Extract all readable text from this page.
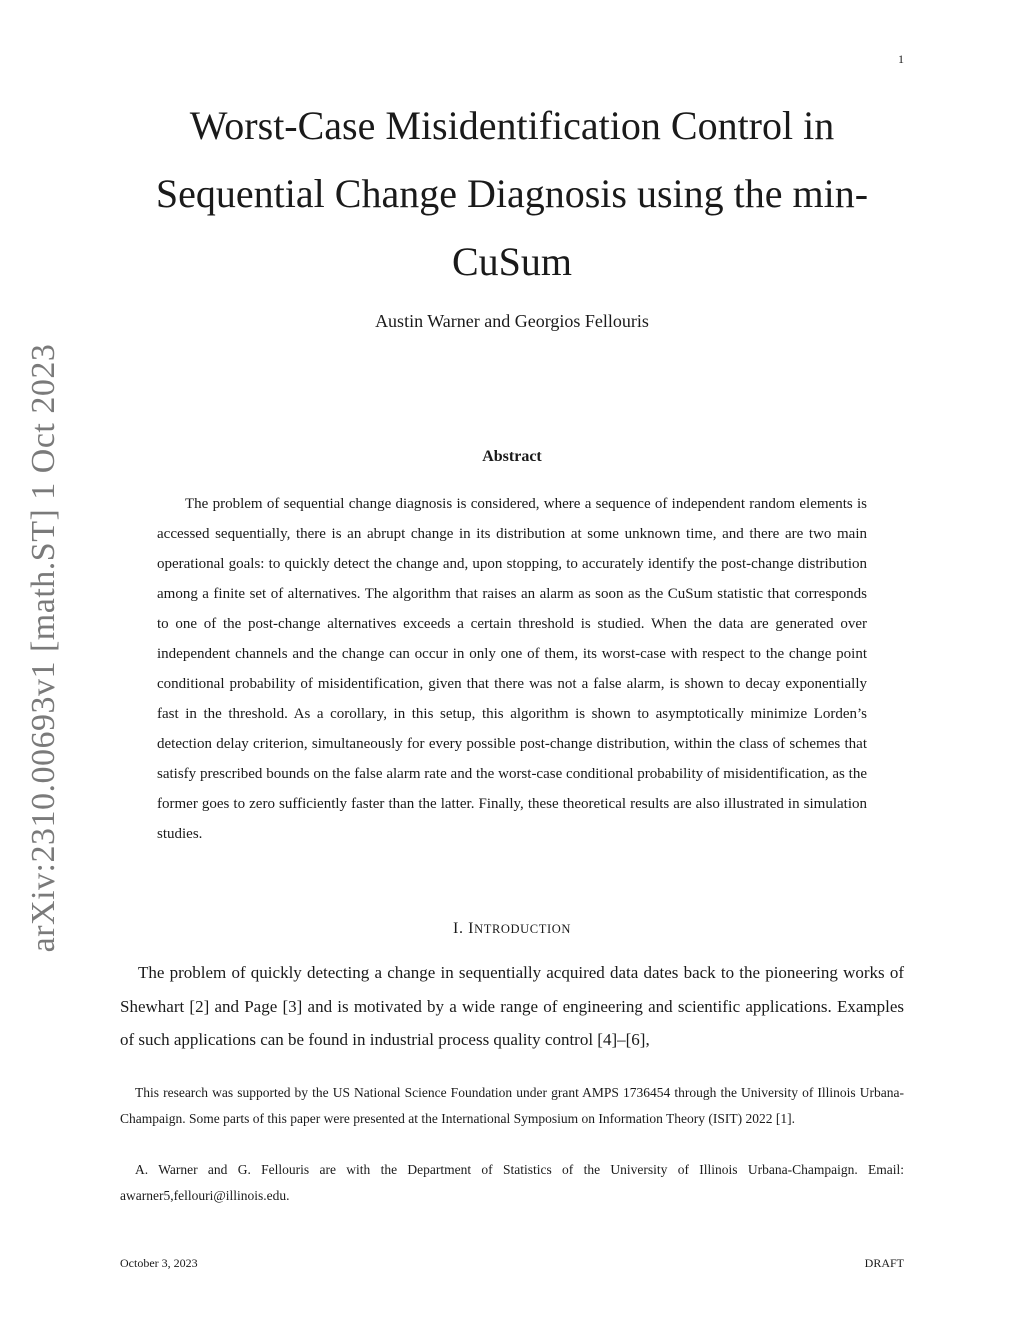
1
arXiv:2310.00693v1 [math.ST] 1 Oct 2023
Worst-Case Misidentification Control in Sequential Change Diagnosis using the min-CuSum
Austin Warner and Georgios Fellouris
Abstract

The problem of sequential change diagnosis is considered, where a sequence of independent random elements is accessed sequentially, there is an abrupt change in its distribution at some unknown time, and there are two main operational goals: to quickly detect the change and, upon stopping, to accurately identify the post-change distribution among a finite set of alternatives. The algorithm that raises an alarm as soon as the CuSum statistic that corresponds to one of the post-change alternatives exceeds a certain threshold is studied. When the data are generated over independent channels and the change can occur in only one of them, its worst-case with respect to the change point conditional probability of misidentification, given that there was not a false alarm, is shown to decay exponentially fast in the threshold. As a corollary, in this setup, this algorithm is shown to asymptotically minimize Lorden’s detection delay criterion, simultaneously for every possible post-change distribution, within the class of schemes that satisfy prescribed bounds on the false alarm rate and the worst-case conditional probability of misidentification, as the former goes to zero sufficiently faster than the latter. Finally, these theoretical results are also illustrated in simulation studies.

I. INTRODUCTION

The problem of quickly detecting a change in sequentially acquired data dates back to the pioneering works of Shewhart [2] and Page [3] and is motivated by a wide range of engineering and scientific applications. Examples of such applications can be found in industrial process quality control [4]–[6],

This research was supported by the US National Science Foundation under grant AMPS 1736454 through the University of Illinois Urbana-Champaign. Some parts of this paper were presented at the International Symposium on Information Theory (ISIT) 2022 [1].

A. Warner and G. Fellouris are with the Department of Statistics of the University of Illinois Urbana-Champaign. Email: awarner5,fellouri@illinois.edu.

October 3, 2023	DRAFT
